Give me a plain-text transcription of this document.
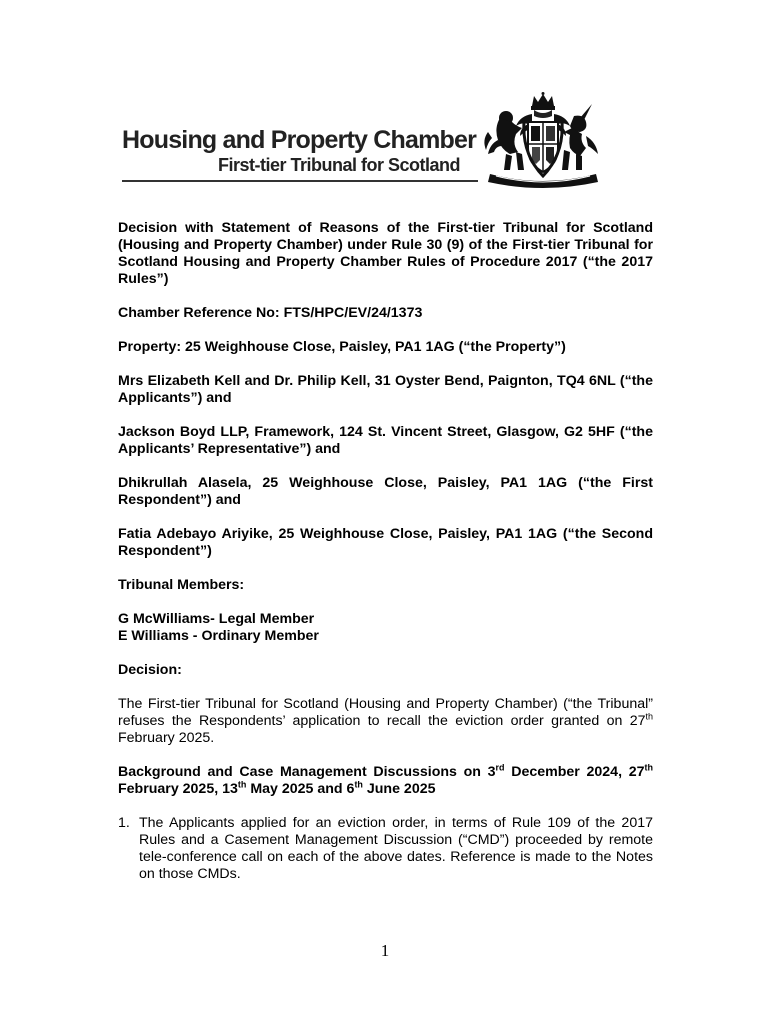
Housing and Property Chamber
First-tier Tribunal for Scotland

Decision with Statement of Reasons of the First-tier Tribunal for Scotland (Housing and Property Chamber) under Rule 30 (9) of the First-tier Tribunal for Scotland Housing and Property Chamber Rules of Procedure 2017 (“the 2017 Rules”)

Chamber Reference No: FTS/HPC/EV/24/1373

Property: 25 Weighhouse Close, Paisley, PA1 1AG (“the Property”)

Mrs Elizabeth Kell and Dr. Philip Kell, 31 Oyster Bend, Paignton, TQ4 6NL (“the Applicants”) and

Jackson Boyd LLP, Framework, 124 St. Vincent Street, Glasgow, G2 5HF (“the Applicants’ Representative”) and

Dhikrullah Alasela, 25 Weighhouse Close, Paisley, PA1 1AG (“the First Respondent”) and

Fatia Adebayo Ariyike, 25 Weighhouse Close, Paisley, PA1 1AG (“the Second Respondent”)

Tribunal Members:

G McWilliams- Legal Member

E Williams - Ordinary Member

Decision:

The First-tier Tribunal for Scotland (Housing and Property Chamber) (“the Tribunal” refuses the Respondents’ application to recall the eviction order granted on 27th February 2025.

Background and Case Management Discussions on 3rd December 2024, 27th February 2025, 13th May 2025 and 6th June 2025

1. The Applicants applied for an eviction order, in terms of Rule 109 of the 2017 Rules and a Casement Management Discussion (“CMD”) proceeded by remote tele-conference call on each of the above dates. Reference is made to the Notes on those CMDs.
1
